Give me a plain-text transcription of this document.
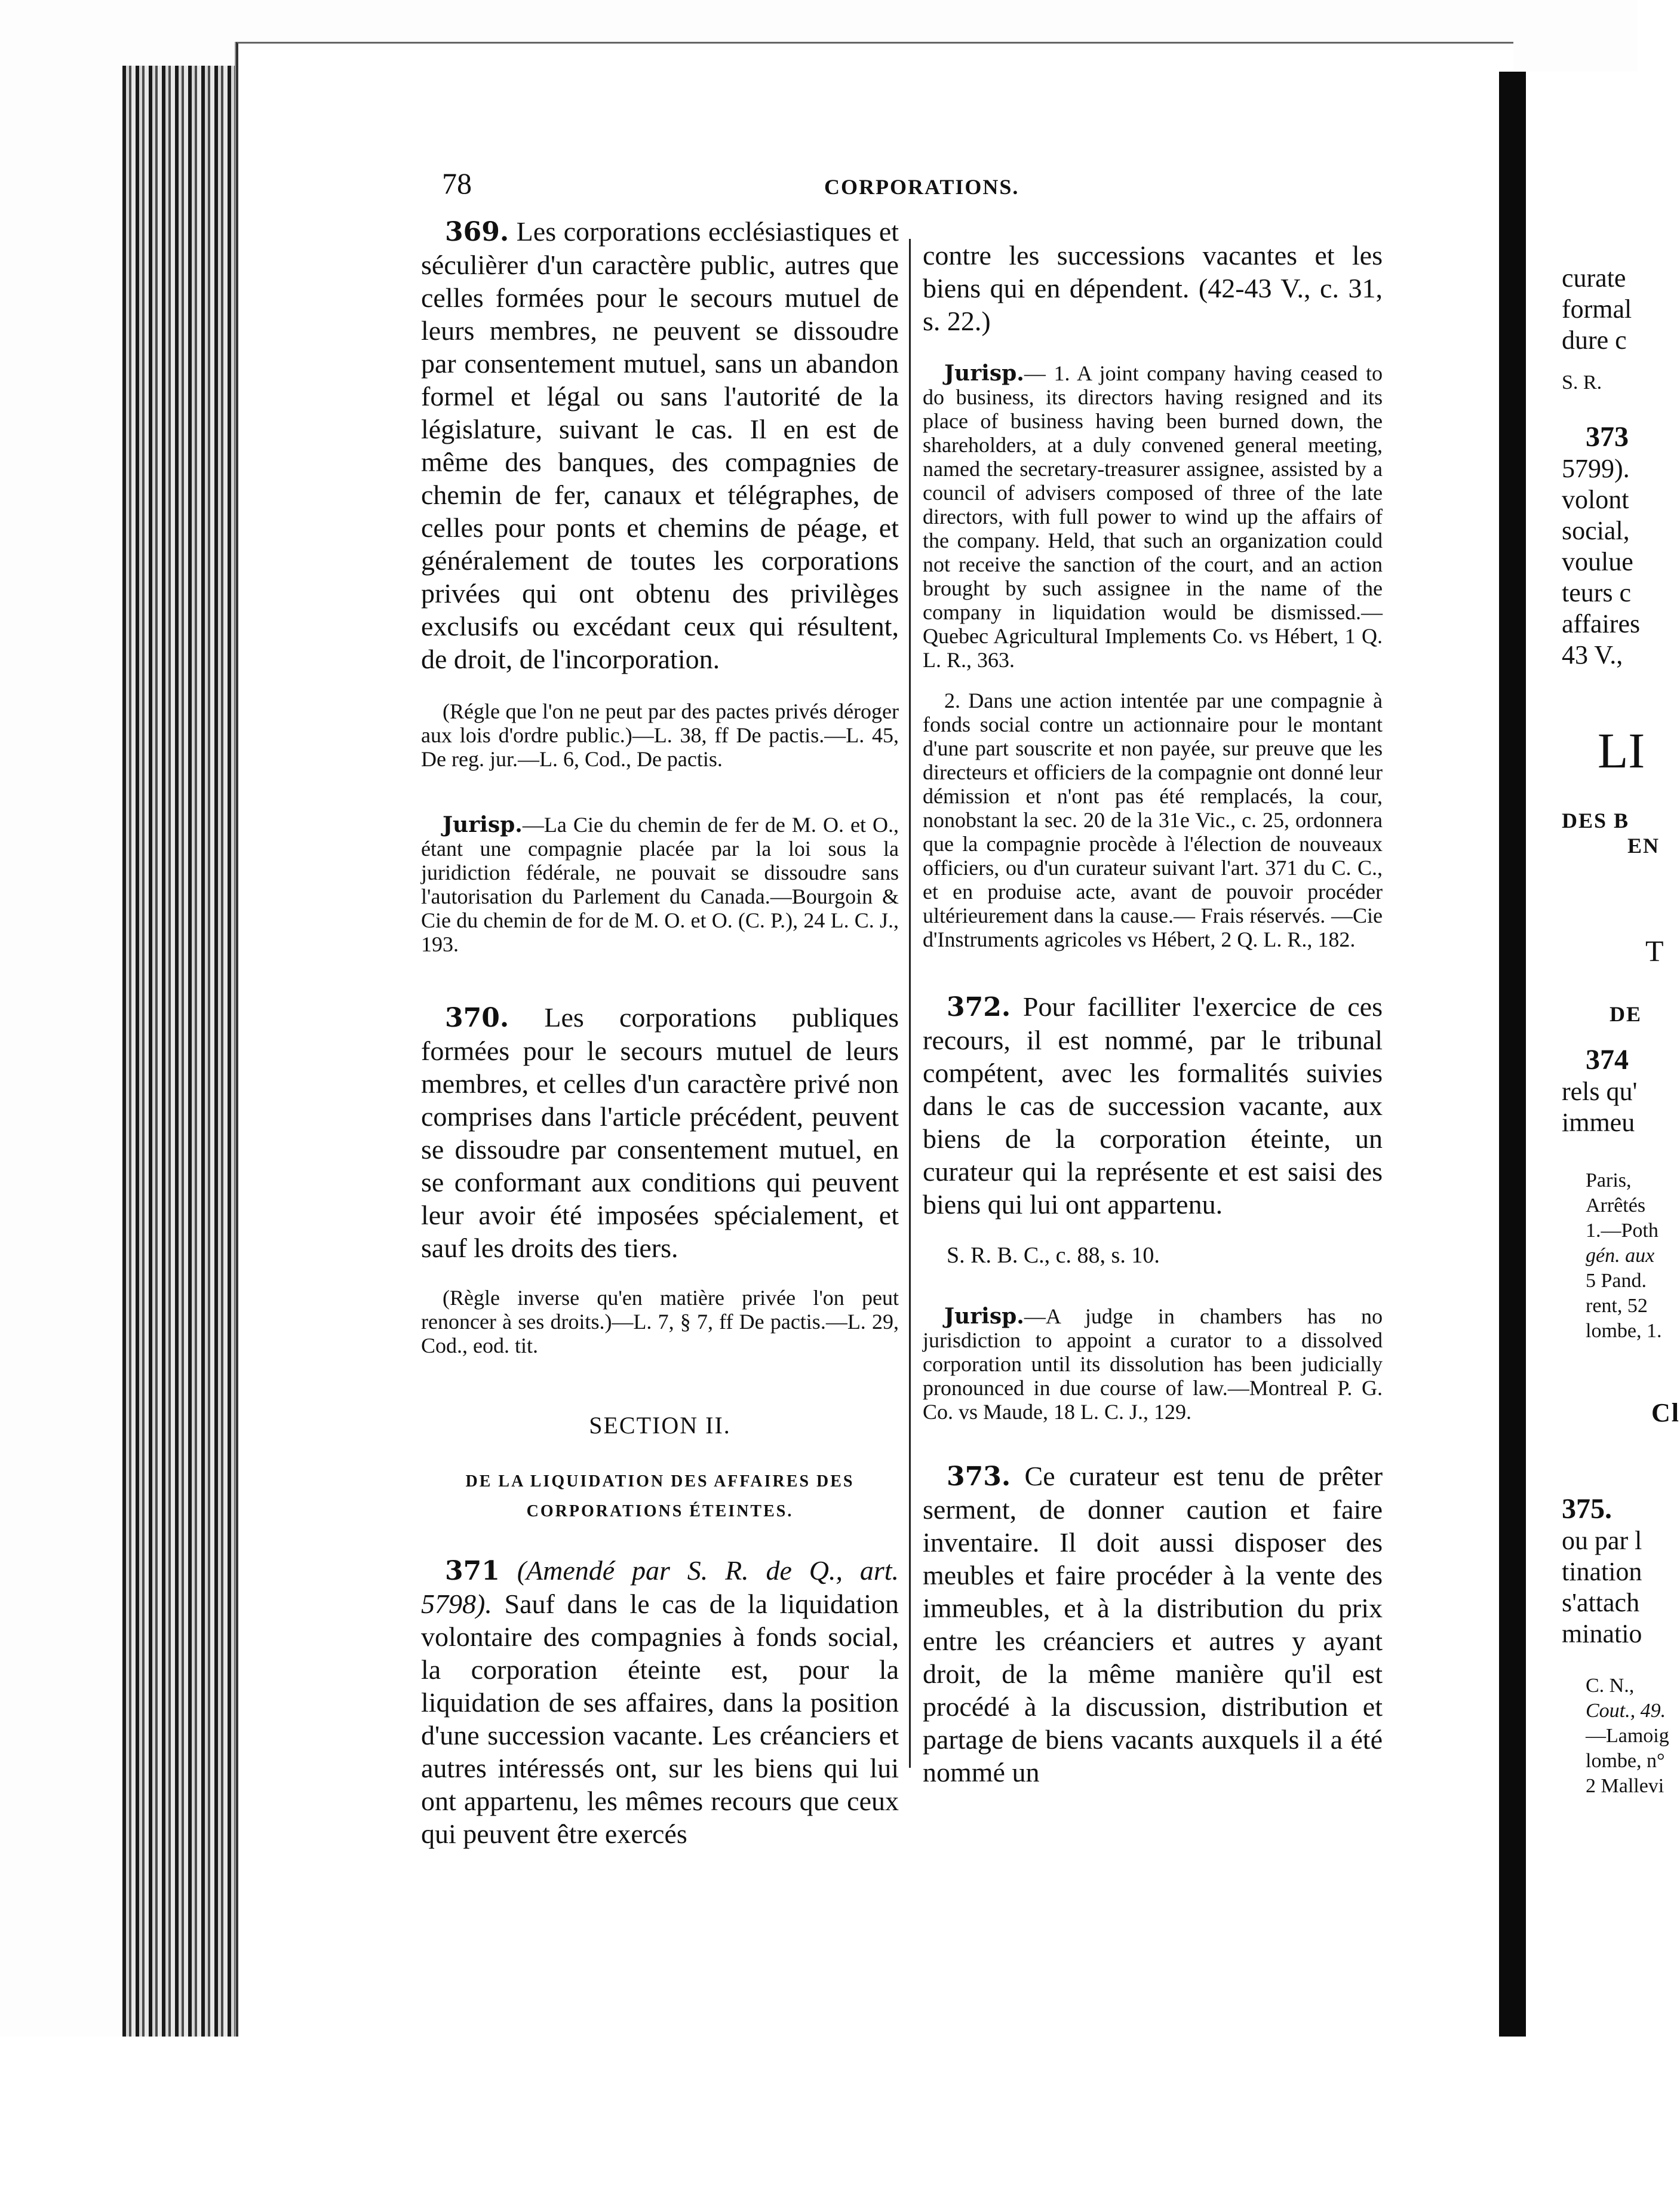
78	CORPORATIONS.

369. Les corporations ecclésiastiques et séculièrer d'un caractère public, autres que celles formées pour le secours mutuel de leurs membres, ne peuvent se dissoudre par consentement mutuel, sans un abandon formel et légal ou sans l'autorité de la législature, suivant le cas. Il en est de même des banques, des compagnies de chemin de fer, canaux et télégraphes, de celles pour ponts et chemins de péage, et généralement de toutes les corporations privées qui ont obtenu des privilèges exclusifs ou excédant ceux qui résultent, de droit, de l'incorporation.

(Régle que l'on ne peut par des pactes privés déroger aux lois d'ordre public.)—L. 38, ff De pactis.—L. 45, De reg. jur.—L. 6, Cod., De pactis.

Jurisp.—La Cie du chemin de fer de M. O. et O., étant une compagnie placée par la loi sous la juridiction fédérale, ne pouvait se dissoudre sans l'autorisation du Parlement du Canada.—Bourgoin & Cie du chemin de for de M. O. et O. (C. P.), 24 L. C. J., 193.

370. Les corporations publiques formées pour le secours mutuel de leurs membres, et celles d'un caractère privé non comprises dans l'article précédent, peuvent se dissoudre par consentement mutuel, en se conformant aux conditions qui peuvent leur avoir été imposées spécialement, et sauf les droits des tiers.

(Règle inverse qu'en matière privée l'on peut renoncer à ses droits.)—L. 7, § 7, ff De pactis.—L. 29, Cod., eod. tit.

SECTION II.

DE LA LIQUIDATION DES AFFAIRES DES

CORPORATIONS ÉTEINTES.

371 (Amendé par S. R. de Q., art. 5798). Sauf dans le cas de la liquidation volontaire des compagnies à fonds social, la corporation éteinte est, pour la liquidation de ses affaires, dans la position d'une succession vacante. Les créanciers et autres intéressés ont, sur les biens qui lui ont appartenu, les mêmes recours que ceux qui peuvent être exercés

contre les successions vacantes et les biens qui en dépendent. (42-43 V., c. 31, s. 22.)

Jurisp.— 1. A joint company having ceased to do business, its directors having resigned and its place of business having been burned down, the shareholders, at a duly convened general meeting, named the secretary-treasurer assignee, assisted by a council of advisers composed of three of the late directors, with full power to wind up the affairs of the company. Held, that such an organization could not receive the sanction of the court, and an action brought by such assignee in the name of the company in liquidation would be dismissed.—Quebec Agricultural Implements Co. vs Hébert, 1 Q. L. R., 363.

2. Dans une action intentée par une compagnie à fonds social contre un actionnaire pour le montant d'une part souscrite et non payée, sur preuve que les directeurs et officiers de la compagnie ont donné leur démission et n'ont pas été remplacés, la cour, nonobstant la sec. 20 de la 31e Vic., c. 25, ordonnera que la compagnie procède à l'élection de nouveaux officiers, ou d'un curateur suivant l'art. 371 du C. C., et en produise acte, avant de pouvoir procéder ultérieurement dans la cause.— Frais réservés. —Cie d'Instruments agricoles vs Hébert, 2 Q. L. R., 182.

372. Pour facilliter l'exercice de ces recours, il est nommé, par le tribunal compétent, avec les formalités suivies dans le cas de succession vacante, aux biens de la corporation éteinte, un curateur qui la représente et est saisi des biens qui lui ont appartenu.

S. R. B. C., c. 88, s. 10.

Jurisp.—A judge in chambers has no jurisdiction to appoint a curator to a dissolved corporation until its dissolution has been judicially pronounced in due course of law.—Montreal P. G. Co. vs Maude, 18 L. C. J., 129.

373. Ce curateur est tenu de prêter serment, de donner caution et faire inventaire. Il doit aussi disposer des meubles et faire procéder à la vente des immeubles, et à la distribution du prix entre les créanciers et autres y ayant droit, de la même manière qu'il est procédé à la discussion, distribution et partage de biens vacants auxquels il a été nommé un

curate

formal

dure c

S. R.

373

5799).

volont

social,

voulue

teurs c

affaires

43 V.,

LI

DES B

EN

T

DE

374

rels qu'

immeu

Paris,

Arrêtés

1.—Poth

gén. aux

5 Pand.

rent, 52

lombe, 1.

Cl

375.

ou par l

tination

s'attach

minatio

C. N.,

Cout., 49.

—Lamoig

lombe, n°

2 Mallevi
